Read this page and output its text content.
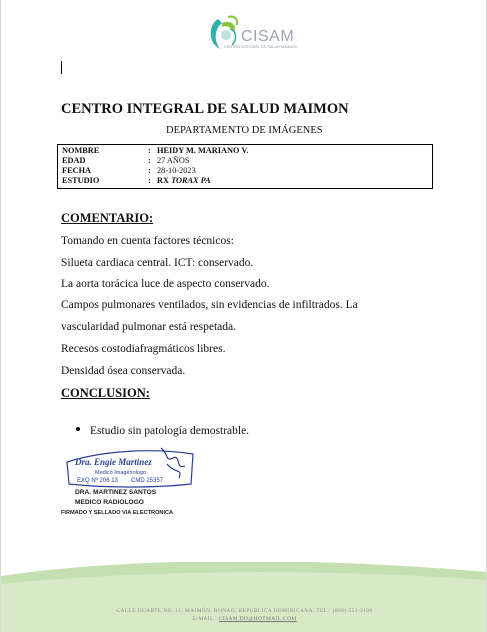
CISAM
CENTRO INTEGRAL DE SALUD MAIMON
CENTRO INTEGRAL DE SALUD MAIMON
DEPARTAMENTO DE IMÁGENES
NOMBRE	: HEIDY M. MARIANO V.
EDAD	: 27 AÑOS
FECHA	: 28-10-2023
ESTUDIO	: RX TORAX PA
COMENTARIO:
Tomando en cuenta factores técnicos:
Silueta cardiaca central. ICT: conservado.
La aorta torácica luce de aspecto conservado.
Campos pulmonares ventilados, sin evidencias de infiltrados. La
vascularidad pulmonar está respetada.
Recesos costodiafragmáticos libres.
Densidad ósea conservada.
CONCLUSION:
Estudio sin patología demostrable.
Dra. Engie Martinez
Medico Imagenologo
EXQ Nº 206 13 CMD 25357
DRA. MARTINEZ SANTOS
MEDICO RADIOLOGO
FIRMADO Y SELLADO VIA ELECTRONICA
CALLE DUARTE NO. 11, MAIMÓN, BONAO, REPUBLICA DOMINICANA, TEL.: (809)-551-2106
E-MAIL : CISAM.DO@HOTMAIL.COM
